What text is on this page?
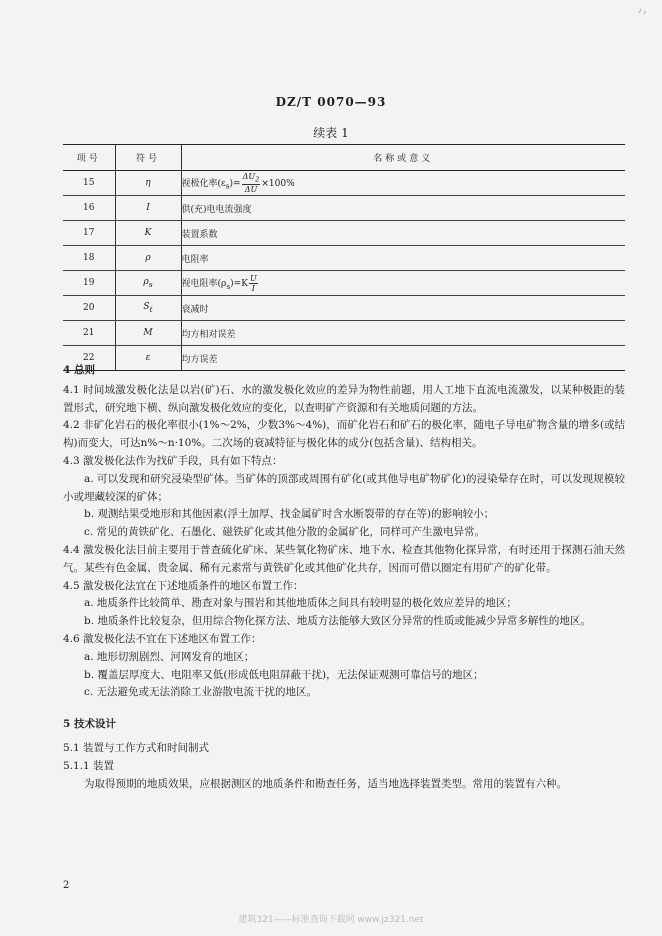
♪,
DZ/T 0070—93
续表 1
项号	符号	名称或意义
15	η	视极化率$(\varepsilon_s)= \frac{\Delta U_2}{\Delta U} \times 100\%$
16	I	供(充)电电流强度
17	K	装置系数
18	ρ	电阻率
19	$\rho_s$	视电阻率$(\rho_s)=K \frac{U}{I}$

20	$S_t$	衰减时
21	M	均方相对误差
22	ε	均方误差

4 总则

4.1 时间域激发极化法是以岩(矿)石、水的激发极化效应的差异为物性前题，用人工地下直流电流激发，以某种极距的装置形式，研究地下横、纵向激发极化效应的变化，以查明矿产资源和有关地质问题的方法。

4.2 非矿化岩石的极化率很小(1%～2%，少数3%～4%)，而矿化岩石和矿石的极化率，随电子导电矿物含量的增多(或结构)而变大，可达n%～n·10%。二次场的衰减特征与极化体的成分(包括含量)、结构相关。

4.3 激发极化法作为找矿手段，具有如下特点：

a. 可以发现和研究浸染型矿体。当矿体的顶部或周围有矿化(或其他导电矿物矿化)的浸染晕存在时，可以发现规模较小或埋藏较深的矿体；

b. 观测结果受地形和其他因素(浮土加厚、找金属矿时含水断裂带的存在等)的影响较小；

c. 常见的黄铁矿化、石墨化、磁铁矿化或其他分散的金属矿化，同样可产生激电异常。

4.4 激发极化法目前主要用于普查硫化矿床、某些氧化物矿床、地下水、检查其他物化探异常，有时还用于探测石油天然气。某些有色金属、贵金属、稀有元素常与黄铁矿化或其他矿化共存，因而可借以圈定有用矿产的矿化带。

4.5 激发极化法宜在下述地质条件的地区布置工作：

a. 地质条件比较简单、勘查对象与围岩和其他地质体之间具有较明显的极化效应差异的地区；

b. 地质条件比较复杂，但用综合物化探方法、地质方法能够大致区分异常的性质或能减少异常多解性的地区。

4.6 激发极化法不宜在下述地区布置工作：

a. 地形切割剧烈、河网发育的地区；

b. 覆盖层厚度大、电阻率又低(形成低电阻屏蔽干扰)，无法保证观测可靠信号的地区；

c. 无法避免或无法消除工业游散电流干扰的地区。

5 技术设计

5.1 装置与工作方式和时间制式

5.1.1 装置

为取得预期的地质效果，应根据测区的地质条件和勘查任务，适当地选择装置类型。常用的装置有六种。

2
建筑321——标准查询下载网 www.jz321.net
